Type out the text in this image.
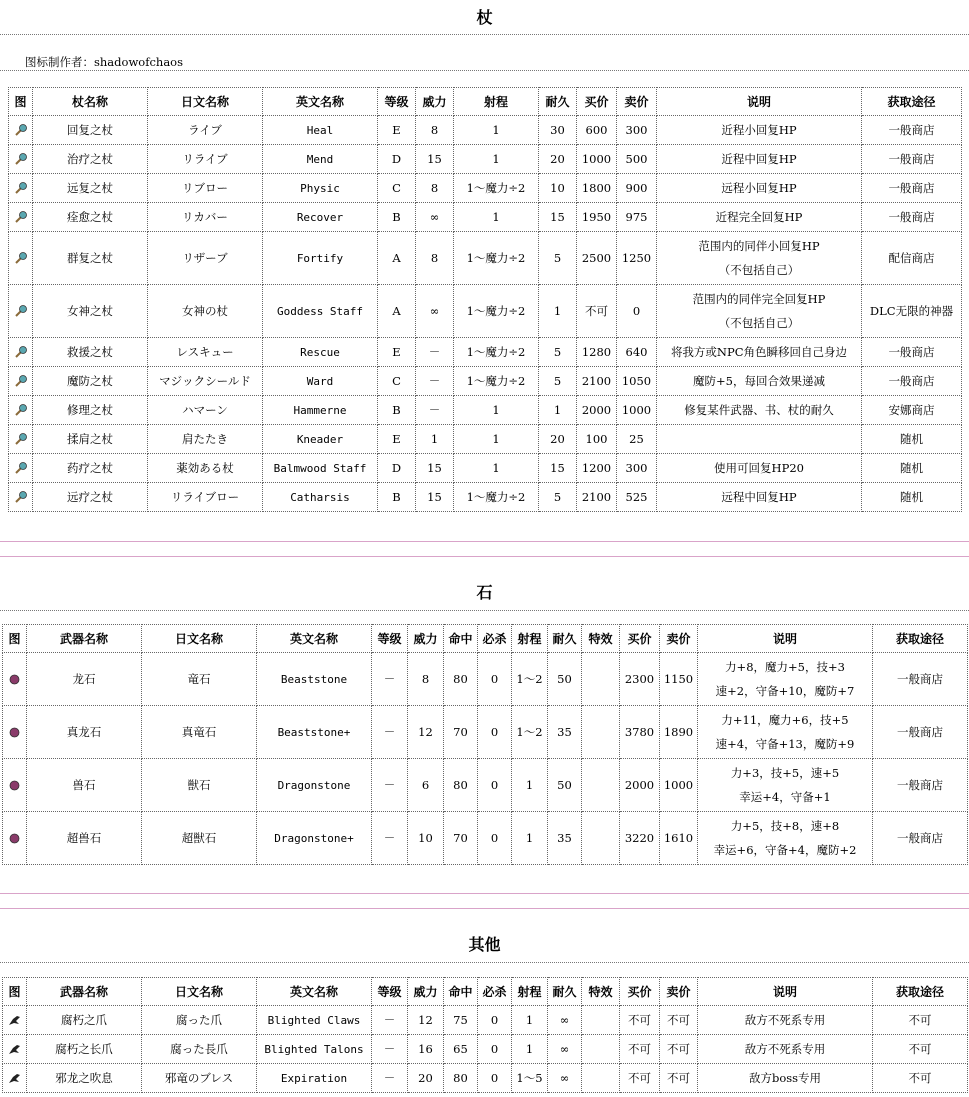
杖
图标制作者：shadowofchaos
图	杖名称	日文名称	英文名称	等级	威力	射程	耐久	买价	卖价	说明	获取途径
	回复之杖	ライブ	Heal	E	8	1	30	600	300	近程小回复HP	一般商店
	治疗之杖	リライブ	Mend	D	15	1	20	1000	500	近程中回复HP	一般商店
	远复之杖	リブロー	Physic	C	8	1～魔力÷2	10	1800	900	远程小回复HP	一般商店
	痊愈之杖	リカバー	Recover	B	∞	1	15	1950	975	近程完全回复HP	一般商店
	群复之杖	リザーブ	Fortify	A	8	1～魔力÷2	5	2500	1250	范围内的同伴小回复HP
（不包括自己）	配信商店
	女神之杖	女神の杖	Goddess Staff	A	∞	1～魔力÷2	1	不可	0	范围内的同伴完全回复HP
（不包括自己）	DLC无限的神器
	救援之杖	レスキュー	Rescue	E	－	1～魔力÷2	5	1280	640	将我方或NPC角色瞬移回自己身边	一般商店
	魔防之杖	マジックシールド	Ward	C	－	1～魔力÷2	5	2100	1050	魔防+5，每回合效果递减	一般商店
	修理之杖	ハマーン	Hammerne	B	－	1	1	2000	1000	修复某件武器、书、杖的耐久	安娜商店
	揉肩之杖	肩たたき	Kneader	E	1	1	20	100	25		随机
	药疗之杖	薬効ある杖	Balmwood Staff	D	15	1	15	1200	300	使用可回复HP20	随机
	远疗之杖	リライブロー	Catharsis	B	15	1～魔力÷2	5	2100	525	远程中回复HP	随机
石
图	武器名称	日文名称	英文名称	等级	威力	命中	必杀	射程	耐久	特效	买价	卖价	说明	获取途径
	龙石	竜石	Beaststone	－	8	80	0	1～2	50		2300	1150	力+8，魔力+5，技+3
速+2，守备+10，魔防+7	一般商店
	真龙石	真竜石	Beaststone+	－	12	70	0	1～2	35		3780	1890	力+11，魔力+6，技+5
速+4，守备+13，魔防+9	一般商店
	兽石	獣石	Dragonstone	－	6	80	0	1	50		2000	1000	力+3，技+5，速+5
幸运+4，守备+1	一般商店
	超兽石	超獣石	Dragonstone+	－	10	70	0	1	35		3220	1610	力+5，技+8，速+8
幸运+6，守备+4，魔防+2	一般商店
其他
图	武器名称	日文名称	英文名称	等级	威力	命中	必杀	射程	耐久	特效	买价	卖价	说明	获取途径
	腐朽之爪	腐った爪	Blighted Claws	－	12	75	0	1	∞		不可	不可	敌方不死系专用	不可
	腐朽之长爪	腐った長爪	Blighted Talons	－	16	65	0	1	∞		不可	不可	敌方不死系专用	不可
	邪龙之吹息	邪竜のブレス	Expiration	－	20	80	0	1～5	∞		不可	不可	敌方boss专用	不可
